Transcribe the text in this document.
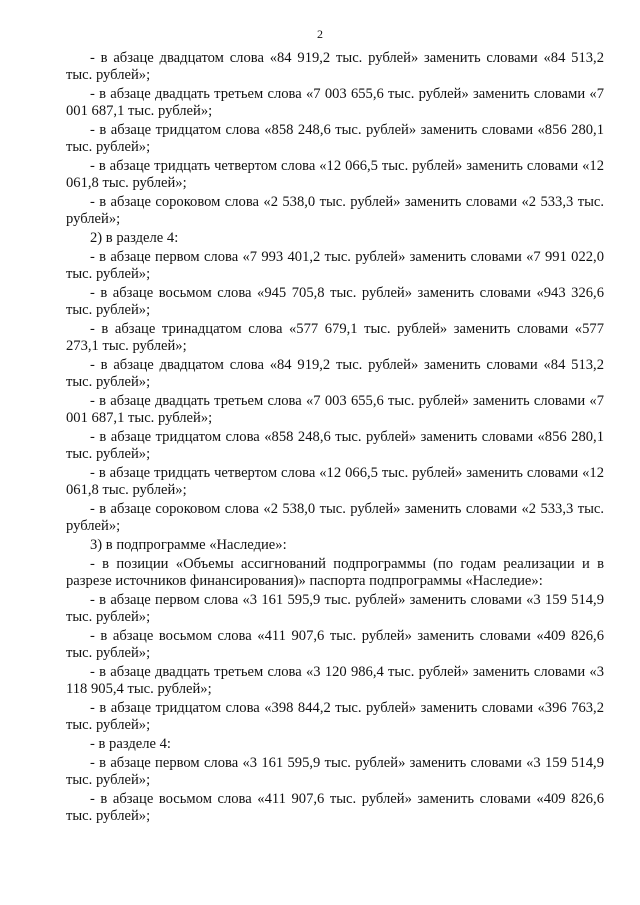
2

- в абзаце двадцатом слова «84 919,2 тыс. рублей» заменить словами «84 513,2 тыс. рублей»;

- в абзаце двадцать третьем слова «7 003 655,6 тыс. рублей» заменить словами «7 001 687,1 тыс. рублей»;

- в абзаце тридцатом слова «858 248,6 тыс. рублей» заменить словами «856 280,1 тыс. рублей»;

- в абзаце тридцать четвертом слова «12 066,5 тыс. рублей» заменить словами «12 061,8 тыс. рублей»;

- в абзаце сороковом слова «2 538,0 тыс. рублей» заменить словами «2 533,3 тыс. рублей»;

2) в разделе 4:

- в абзаце первом слова «7 993 401,2 тыс. рублей» заменить словами «7 991 022,0 тыс. рублей»;

- в абзаце восьмом слова «945 705,8 тыс. рублей» заменить словами «943 326,6 тыс. рублей»;

- в абзаце тринадцатом слова «577 679,1 тыс. рублей» заменить словами «577 273,1 тыс. рублей»;

- в абзаце двадцатом слова «84 919,2 тыс. рублей» заменить словами «84 513,2 тыс. рублей»;

- в абзаце двадцать третьем слова «7 003 655,6 тыс. рублей» заменить словами «7 001 687,1 тыс. рублей»;

- в абзаце тридцатом слова «858 248,6 тыс. рублей» заменить словами «856 280,1 тыс. рублей»;

- в абзаце тридцать четвертом слова «12 066,5 тыс. рублей» заменить словами «12 061,8 тыс. рублей»;

- в абзаце сороковом слова «2 538,0 тыс. рублей» заменить словами «2 533,3 тыс. рублей»;

3) в подпрограмме «Наследие»:

- в позиции «Объемы ассигнований подпрограммы (по годам реализации и в разрезе источников финансирования)» паспорта подпрограммы «Наследие»:

- в абзаце первом слова «3 161 595,9 тыс. рублей» заменить словами «3 159 514,9 тыс. рублей»;

- в абзаце восьмом слова «411 907,6 тыс. рублей» заменить словами «409 826,6 тыс. рублей»;

- в абзаце двадцать третьем слова «3 120 986,4 тыс. рублей» заменить словами «3 118 905,4 тыс. рублей»;

- в абзаце тридцатом слова «398 844,2 тыс. рублей» заменить словами «396 763,2 тыс. рублей»;

- в разделе 4:

- в абзаце первом слова «3 161 595,9 тыс. рублей» заменить словами «3 159 514,9 тыс. рублей»;

- в абзаце восьмом слова «411 907,6 тыс. рублей» заменить словами «409 826,6 тыс. рублей»;
